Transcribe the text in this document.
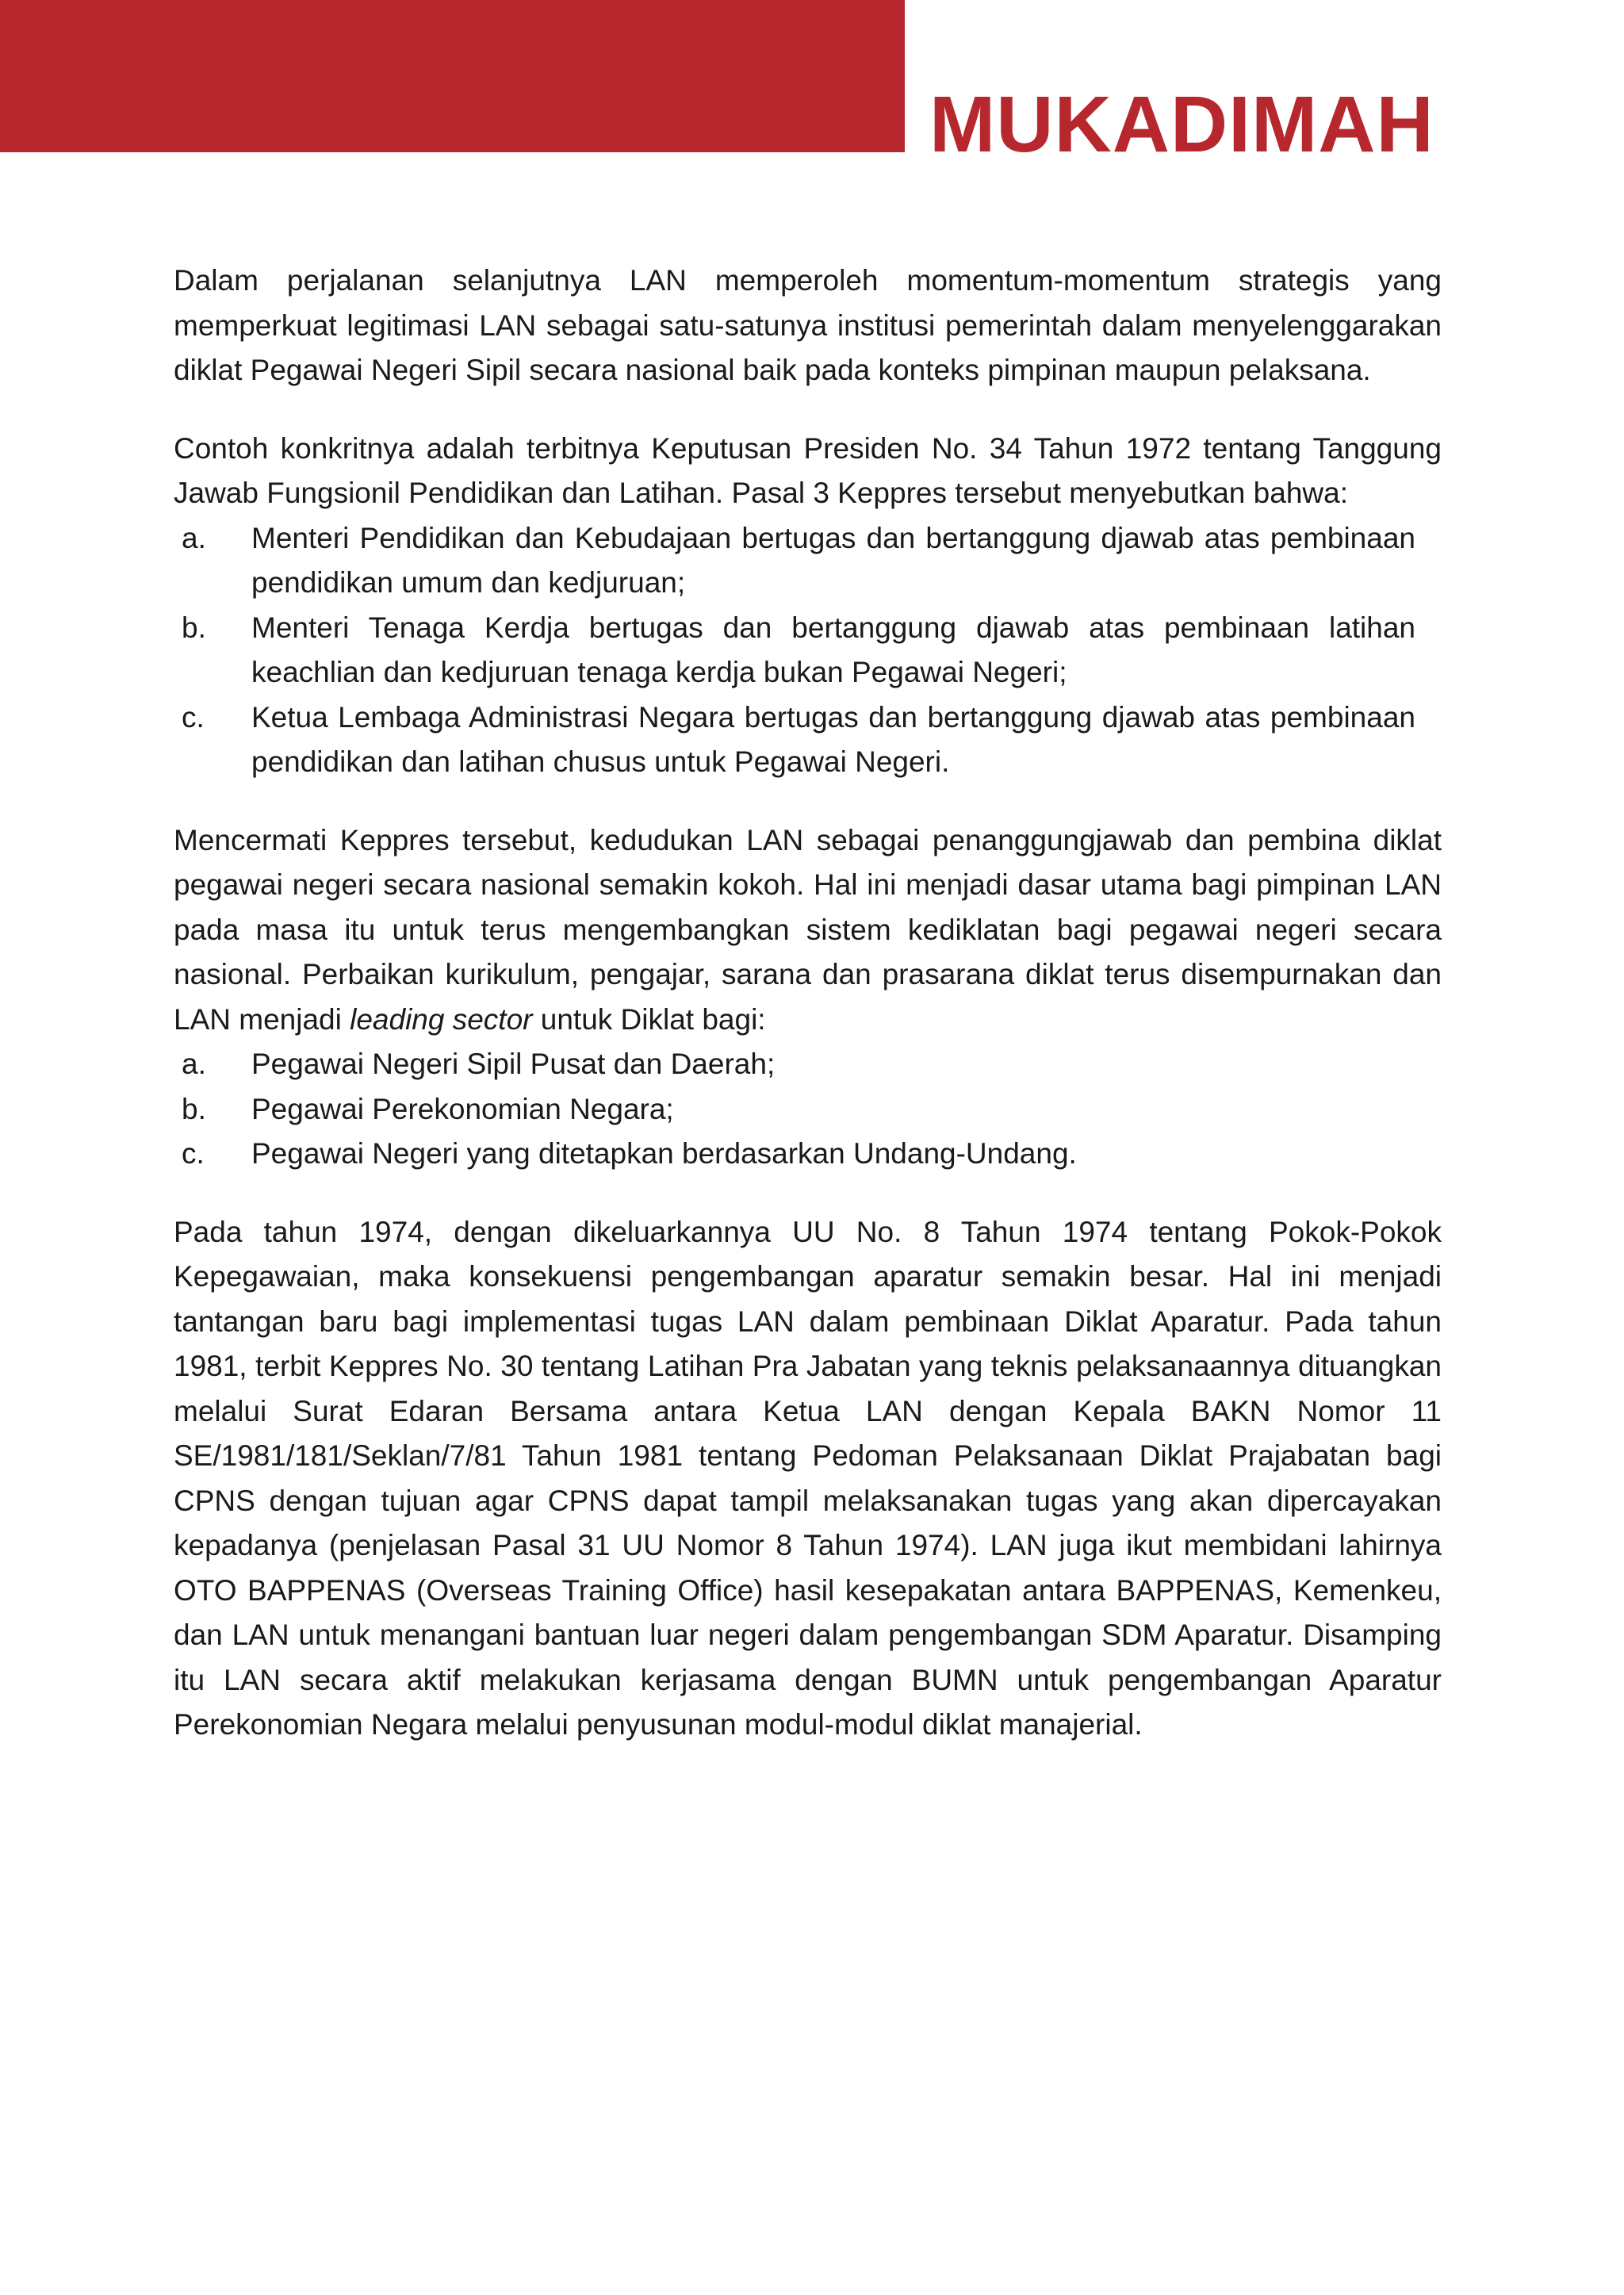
MUKADIMAH

Dalam perjalanan selanjutnya LAN memperoleh momentum-momentum strategis yang memperkuat legitimasi LAN sebagai satu-satunya institusi pemerintah dalam menyelenggarakan diklat Pegawai Negeri Sipil secara nasional baik pada konteks pimpinan maupun pelaksana.

Contoh konkritnya adalah terbitnya Keputusan Presiden No. 34 Tahun 1972 tentang Tanggung Jawab Fungsionil Pendidikan dan Latihan. Pasal 3 Keppres tersebut menyebutkan bahwa:

a. Menteri Pendidikan dan Kebudajaan bertugas dan bertanggung djawab atas pembinaan pendidikan umum dan kedjuruan;
b. Menteri Tenaga Kerdja bertugas dan bertanggung djawab atas pembinaan latihan keachlian dan kedjuruan tenaga kerdja bukan Pegawai Negeri;
c. Ketua Lembaga Administrasi Negara bertugas dan bertanggung djawab atas pembinaan pendidikan dan latihan chusus untuk Pegawai Negeri.

Mencermati Keppres tersebut, kedudukan LAN sebagai penanggungjawab dan pembina diklat pegawai negeri secara nasional semakin kokoh. Hal ini menjadi dasar utama bagi pimpinan LAN pada masa itu untuk terus mengembangkan sistem kediklatan bagi pegawai negeri secara nasional. Perbaikan kurikulum, pengajar, sarana dan prasarana diklat terus disempurnakan dan LAN menjadi leading sector untuk Diklat bagi:

a. Pegawai Negeri Sipil Pusat dan Daerah;
b. Pegawai Perekonomian Negara;
c. Pegawai Negeri yang ditetapkan berdasarkan Undang-Undang.

Pada tahun 1974, dengan dikeluarkannya UU No. 8 Tahun 1974 tentang Pokok-Pokok Kepegawaian, maka konsekuensi pengembangan aparatur semakin besar. Hal ini menjadi tantangan baru bagi implementasi tugas LAN dalam pembinaan Diklat Aparatur. Pada tahun 1981, terbit Keppres No. 30 tentang Latihan Pra Jabatan yang teknis pelaksanaannya dituangkan melalui Surat Edaran Bersama antara Ketua LAN dengan Kepala BAKN Nomor 11 SE/1981/181/Seklan/7/81 Tahun 1981 tentang Pedoman Pelaksanaan Diklat Prajabatan bagi CPNS dengan tujuan agar CPNS dapat tampil melaksanakan tugas yang akan dipercayakan kepadanya (penjelasan Pasal 31 UU Nomor 8 Tahun 1974). LAN juga ikut membidani lahirnya OTO BAPPENAS (Overseas Training Office) hasil kesepakatan antara BAPPENAS, Kemenkeu, dan LAN untuk menangani bantuan luar negeri dalam pengembangan SDM Aparatur. Disamping itu LAN secara aktif melakukan kerjasama dengan BUMN untuk pengembangan Aparatur Perekonomian Negara melalui penyusunan modul-modul diklat manajerial.
